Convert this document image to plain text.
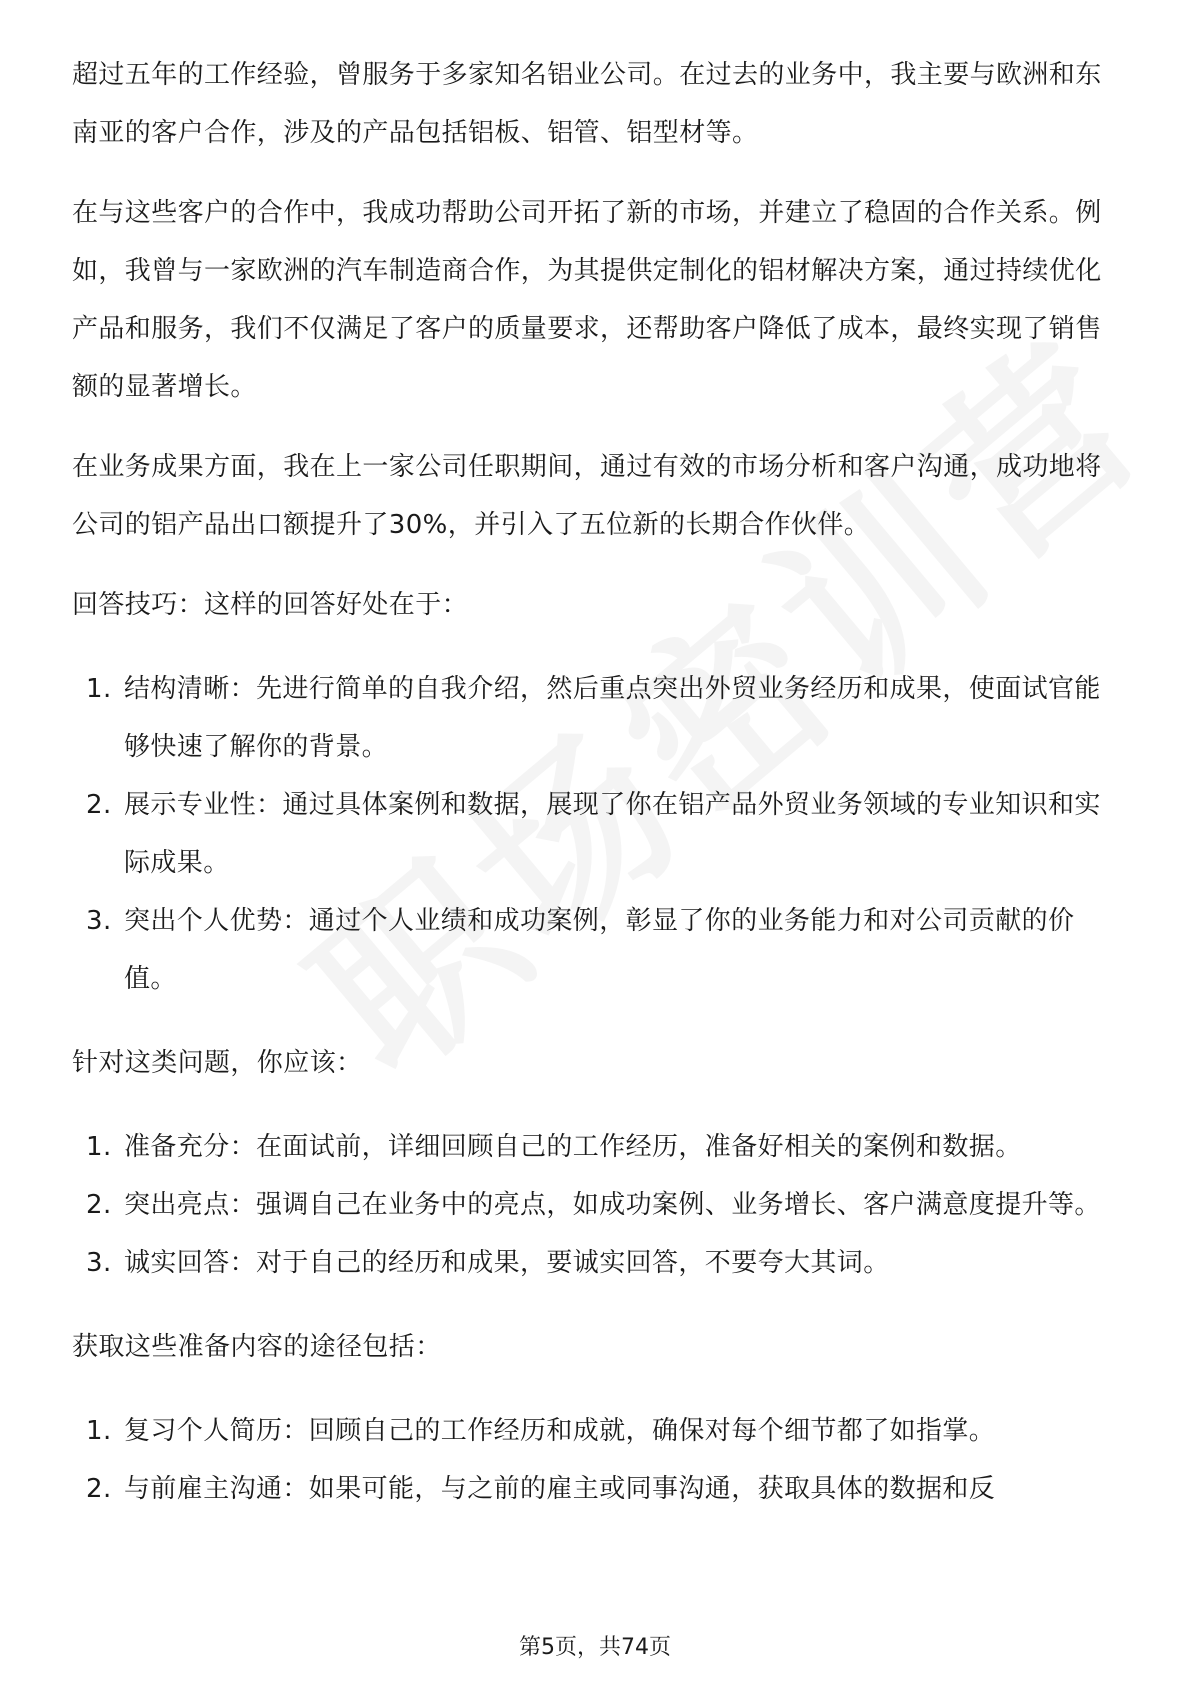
超过五年的工作经验，曾服务于多家知名铝业公司。在过去的业务中，我主要与欧洲和东南亚的客户合作，涉及的产品包括铝板、铝管、铝型材等。

在与这些客户的合作中，我成功帮助公司开拓了新的市场，并建立了稳固的合作关系。例如，我曾与一家欧洲的汽车制造商合作，为其提供定制化的铝材解决方案，通过持续优化产品和服务，我们不仅满足了客户的质量要求，还帮助客户降低了成本，最终实现了销售额的显著增长。

在业务成果方面，我在上一家公司任职期间，通过有效的市场分析和客户沟通，成功地将公司的铝产品出口额提升了30%，并引入了五位新的长期合作伙伴。

回答技巧：这样的回答好处在于：

1. 结构清晰：先进行简单的自我介绍，然后重点突出外贸业务经历和成果，使面试官能够快速了解你的背景。
2. 展示专业性：通过具体案例和数据，展现了你在铝产品外贸业务领域的专业知识和实际成果。
3. 突出个人优势：通过个人业绩和成功案例，彰显了你的业务能力和对公司贡献的价值。

针对这类问题，你应该：

1. 准备充分：在面试前，详细回顾自己的工作经历，准备好相关的案例和数据。
2. 突出亮点：强调自己在业务中的亮点，如成功案例、业务增长、客户满意度提升等。
3. 诚实回答：对于自己的经历和成果，要诚实回答，不要夸大其词。

获取这些准备内容的途径包括：

1. 复习个人简历：回顾自己的工作经历和成就，确保对每个细节都了如指掌。
2. 与前雇主沟通：如果可能，与之前的雇主或同事沟通，获取具体的数据和反
第5页，共74页
